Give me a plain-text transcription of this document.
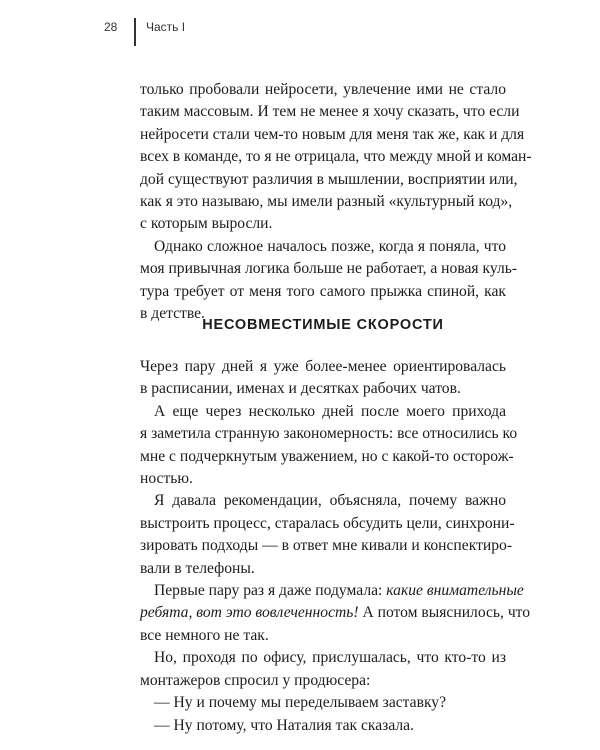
28 Часть I
только пробовали нейросети, увлечение ими не стало
таким массовым. И тем не менее я хочу сказать, что если
нейросети стали чем-то новым для меня так же, как и для
всех в команде, то я не отрицала, что между мной и коман-
дой существуют различия в мышлении, восприятии или,
как я это называю, мы имели разный «культурный код»,
с которым выросли.
Однако сложное началось позже, когда я поняла, что
моя привычная логика больше не работает, а новая куль-
тура требует от меня того самого прыжка спиной, как
в детстве.
НЕСОВМЕСТИМЫЕ СКОРОСТИ
Через пару дней я уже более-менее ориентировалась
в расписании, именах и десятках рабочих чатов.
А еще через несколько дней после моего прихода
я заметила странную закономерность: все относились ко
мне с подчеркнутым уважением, но с какой-то осторож-
ностью.
Я давала рекомендации, объясняла, почему важно
выстроить процесс, старалась обсудить цели, синхрони-
зировать подходы — в ответ мне кивали и конспектиро-
вали в телефоны.
Первые пару раз я даже подумала: какие внимательные
ребята, вот это вовлеченность! А потом выяснилось, что
все немного не так.
Но, проходя по офису, прислушалась, что кто-то из
монтажеров спросил у продюсера:
— Ну и почему мы переделываем заставку?
— Ну потому, что Наталия так сказала.
